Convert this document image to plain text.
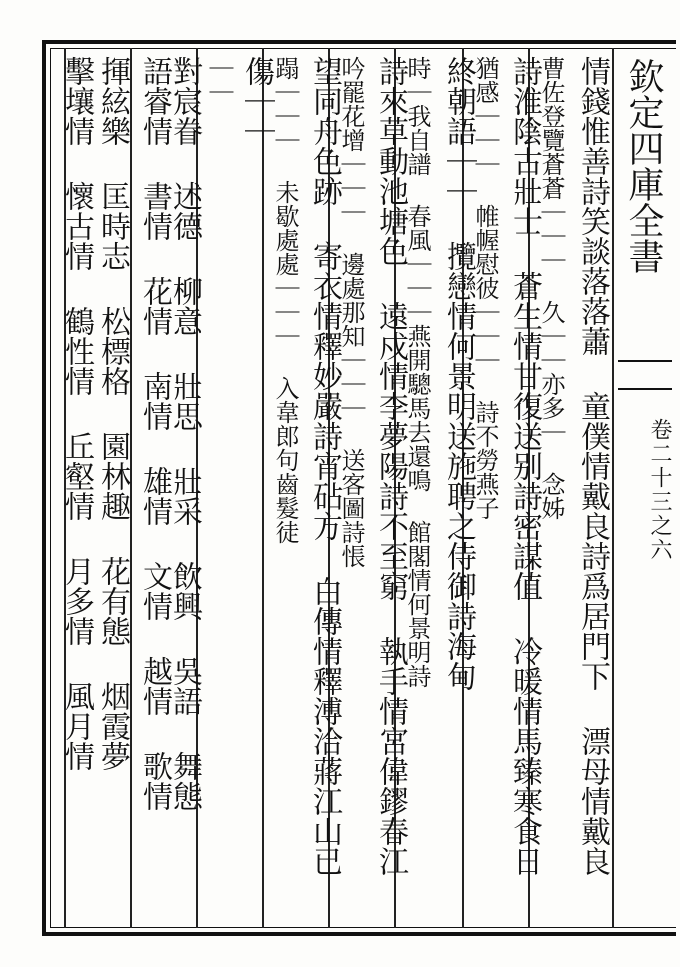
欽定四庫全書
卷二十三之六
情錢惟善詩笑談落落蕭 童僕情戴良詩爲居門下 漂母情戴良
曹佐登覽蒼蒼｜｜｜ 久｜｜亦多｜ 念姊
詩淮陰古壯士 蒼生情甘復送别詩密謀值 冷暖情馬臻寒食日
猶感｜｜｜ 帷幄慰彼｜｜｜ 詩不勞燕子
終朝語｜｜ 攬戀情何景明送施聘之侍御詩海甸
時｜我自譜 春風｜｜｜燕開驄馬去還鳴 館閣情何景明詩
詩來草動池塘色 遠戍情李夢陽詩不至窮 執手情宮偉鏐春江
吟罷花增｜｜｜ 邊處那知｜｜｜ 送客圖詩悵
望同舟色跡 寄衣情釋妙嚴詩宵砧方 白傳情釋溥洽蔣江山已
蹋｜｜｜ 未歇處處｜｜｜ 入韋郎句齒髮徒
傷｜｜
｜｜
對宸眷 述德 柳意 壯思 壯采 飲興 吳語 舞態
語睿情 書情 花情 南情 雄情 文情 越情 歌情
揮絃樂 匡時志 松標格 園林趣 花有態 烟霞夢
擊壤情 懷古情 鶴性情 丘壑情 月多情 風月情
